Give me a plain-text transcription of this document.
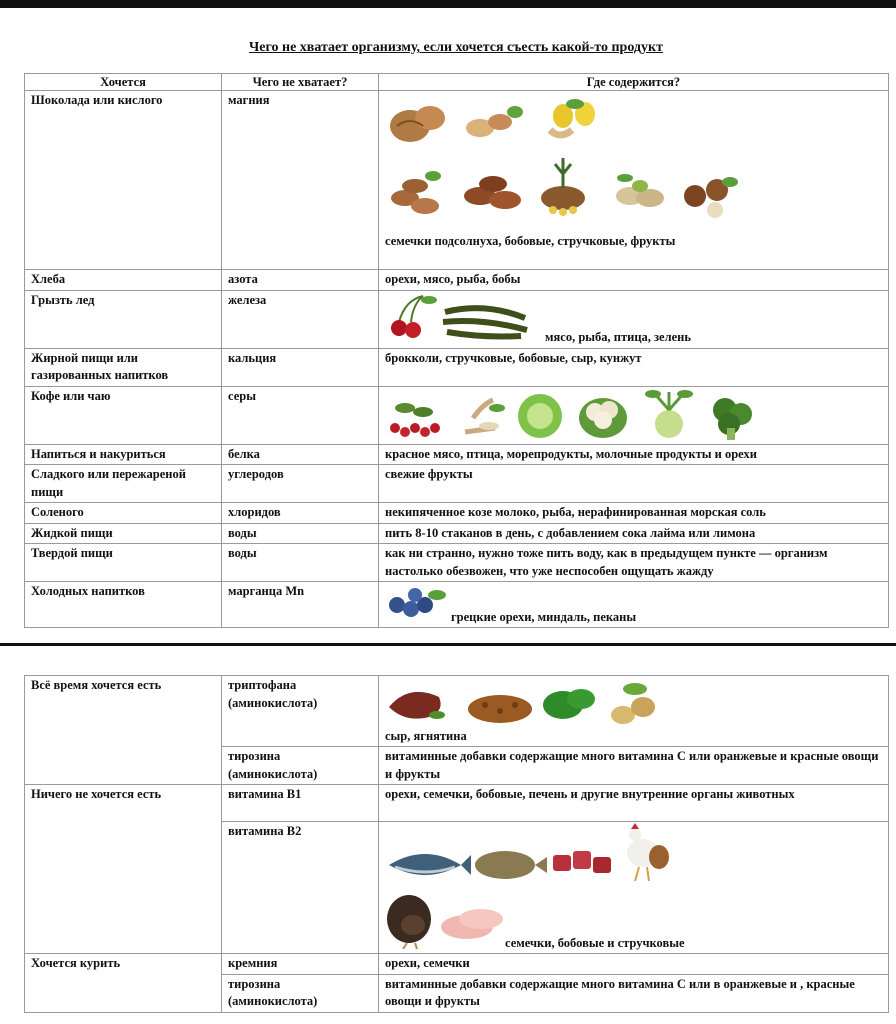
Чего не хватает организму, если хочется съесть какой-то продукт
Хочется	Чего не хватает?	Где содержится?
Шоколада или кислого	магния	семечки подсолнуха, бобовые, стручковые, фрукты

Хлеба	азота	орехи, мясо, рыба, бобы
Грызть лед	железа	мясо, рыба, птица, зелень

Жирной пищи или газированных напитков	кальция	брокколи, стручковые, бобовые, сыр, кунжут
Кофе или чаю	серы	

Напиться и накуриться	белка	красное мясо, птица, морепродукты, молочные продукты и орехи
Сладкого или пережареной пищи	углеродов	свежие фрукты
Соленого	хлоридов	некипяченное козе молоко, рыба, нерафинированная морская соль
Жидкой пищи	воды	пить 8-10 стаканов в день, с добавлением сока лайма или лимона
Твердой пищи	воды	как ни странно, нужно тоже пить воду, как в предыдущем пункте — организм настолько обезвожен, что уже неспособен ощущать жажду
Холодных напитков	марганца Mn	грецкие орехи, миндаль, пеканы
Всё время хочется есть	триптофана (аминокислота)	сыр, ягнятина

	тирозина (аминокислота)	витаминные добавки содержащие много витамина С или оранжевые и красные овощи и фрукты
Ничего не хочется есть	витамина В1	орехи, семечки, бобовые, печень и другие внутренние органы животных
	витамина В2	семечки, бобовые и стручковые

Хочется курить	кремния	орехи, семечки
	тирозина (аминокислота)	витаминные добавки содержащие много витамина С или в оранжевые и , красные овощи и фрукты
